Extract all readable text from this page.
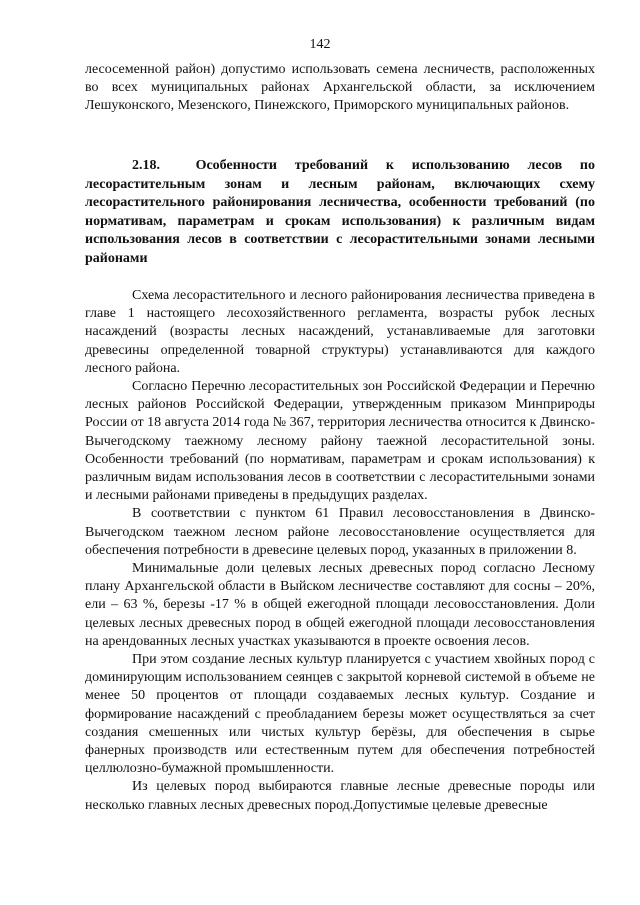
142

лесосеменной район) допустимо использовать семена лесничеств, расположенных во всех муниципальных районах Архангельской области, за исключением Лешуконского, Мезенского, Пинежского, Приморского муниципальных районов.

2.18.	Особенности требований к использованию лесов по лесорастительным зонам и лесным районам, включающих схему лесорастительного районирования лесничества, особенности требований (по нормативам, параметрам и срокам использования) к различным видам использования лесов в соответствии с лесорастительными зонами лесными районами

Схема лесорастительного и лесного районирования лесничества приведена в главе 1 настоящего лесохозяйственного регламента, возрасты рубок лесных насаждений (возрасты лесных насаждений, устанавливаемые для заготовки древесины определенной товарной структуры) устанавливаются для каждого лесного района.

Согласно Перечню лесорастительных зон Российской Федерации и Перечню лесных районов Российской Федерации, утвержденным приказом Минприроды России от 18 августа 2014 года № 367, территория лесничества относится к Двинско-Вычегодскому таежному лесному району таежной лесорастительной зоны. Особенности требований (по нормативам, параметрам и срокам использования) к различным видам использования лесов в соответствии с лесорастительными зонами и лесными районами приведены в предыдущих разделах.

В соответствии с пунктом 61 Правил лесовосстановления в Двинско-Вычегодском таежном лесном районе лесовосстановление осуществляется для обеспечения потребности в древесине целевых пород, указанных в приложении 8.

Минимальные доли целевых лесных древесных пород согласно Лесному плану Архангельской области в Выйском лесничестве составляют для сосны – 20%, ели – 63 %, березы -17 % в общей ежегодной площади лесовосстановления. Доли целевых лесных древесных пород в общей ежегодной площади лесовосстановления на арендованных лесных участках указываются в проекте освоения лесов.

При этом создание лесных культур планируется с участием хвойных пород с доминирующим использованием сеянцев с закрытой корневой системой в объеме не менее 50 процентов от площади создаваемых лесных культур. Создание и формирование насаждений с преобладанием березы может осуществляться за счет создания смешенных или чистых культур берёзы, для обеспечения в сырье фанерных производств или естественным путем для обеспечения потребностей целлюлозно-бумажной промышленности.

Из целевых пород выбираются главные лесные древесные породы или несколько главных лесных древесных пород.Допустимые целевые древесные
